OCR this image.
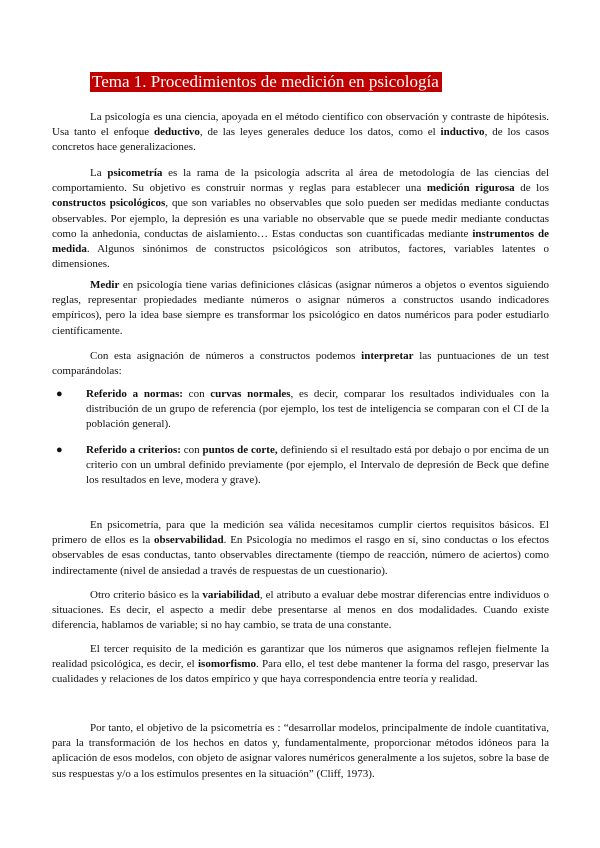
Tema 1. Procedimientos de medición en psicología

La psicología es una ciencia, apoyada en el método científico con observación y contraste de hipótesis. Usa tanto el enfoque deductivo, de las leyes generales deduce los datos, como el inductivo, de los casos concretos hace generalizaciones.

La psicometría es la rama de la psicología adscrita al área de metodología de las ciencias del comportamiento. Su objetivo es construir normas y reglas para establecer una medición rigurosa de los constructos psicológicos, que son variables no observables que solo pueden ser medidas mediante conductas observables. Por ejemplo, la depresión es una variable no observable que se puede medir mediante conductas como la anhedonia, conductas de aislamiento… Estas conductas son cuantificadas mediante instrumentos de medida. Algunos sinónimos de constructos psicológicos son atributos, factores, variables latentes o dimensiones.

Medir en psicología tiene varias definiciones clásicas (asignar números a objetos o eventos siguiendo reglas, representar propiedades mediante números o asignar números a constructos usando indicadores empíricos), pero la idea base siempre es transformar los psicológico en datos numéricos para poder estudiarlo científicamente.

Con esta asignación de números a constructos podemos interpretar las puntuaciones de un test comparándolas:

●	Referido a normas: con curvas normales, es decir, comparar los resultados individuales con la distribución de un grupo de referencia (por ejemplo, los test de inteligencia se comparan con el CI de la población general).

●	Referido a criterios: con puntos de corte, definiendo si el resultado está por debajo o por encima de un criterio con un umbral definido previamente (por ejemplo, el Intervalo de depresión de Beck que define los resultados en leve, modera y grave).

En psicometría, para que la medición sea válida necesitamos cumplir ciertos requisitos básicos. El primero de ellos es la observabilidad. En Psicología no medimos el rasgo en sí, sino conductas o los efectos observables de esas conductas, tanto observables directamente (tiempo de reacción, número de aciertos) como indirectamente (nivel de ansiedad a través de respuestas de un cuestionario).

Otro criterio básico es la variabilidad, el atributo a evaluar debe mostrar diferencias entre individuos o situaciones. Es decir, el aspecto a medir debe presentarse al menos en dos modalidades. Cuando existe diferencia, hablamos de variable; si no hay cambio, se trata de una constante.

El tercer requisito de la medición es garantizar que los números que asignamos reflejen fielmente la realidad psicológica, es decir, el isomorfismo. Para ello, el test debe mantener la forma del rasgo, preservar las cualidades y relaciones de los datos empírico y que haya correspondencia entre teoría y realidad.

Por tanto, el objetivo de la psicometría es : “desarrollar modelos, principalmente de índole cuantitativa, para la transformación de los hechos en datos y, fundamentalmente, proporcionar métodos idóneos para la aplicación de esos modelos, con objeto de asignar valores numéricos generalmente a los sujetos, sobre la base de sus respuestas y/o a los estímulos presentes en la situación” (Cliff, 1973).
